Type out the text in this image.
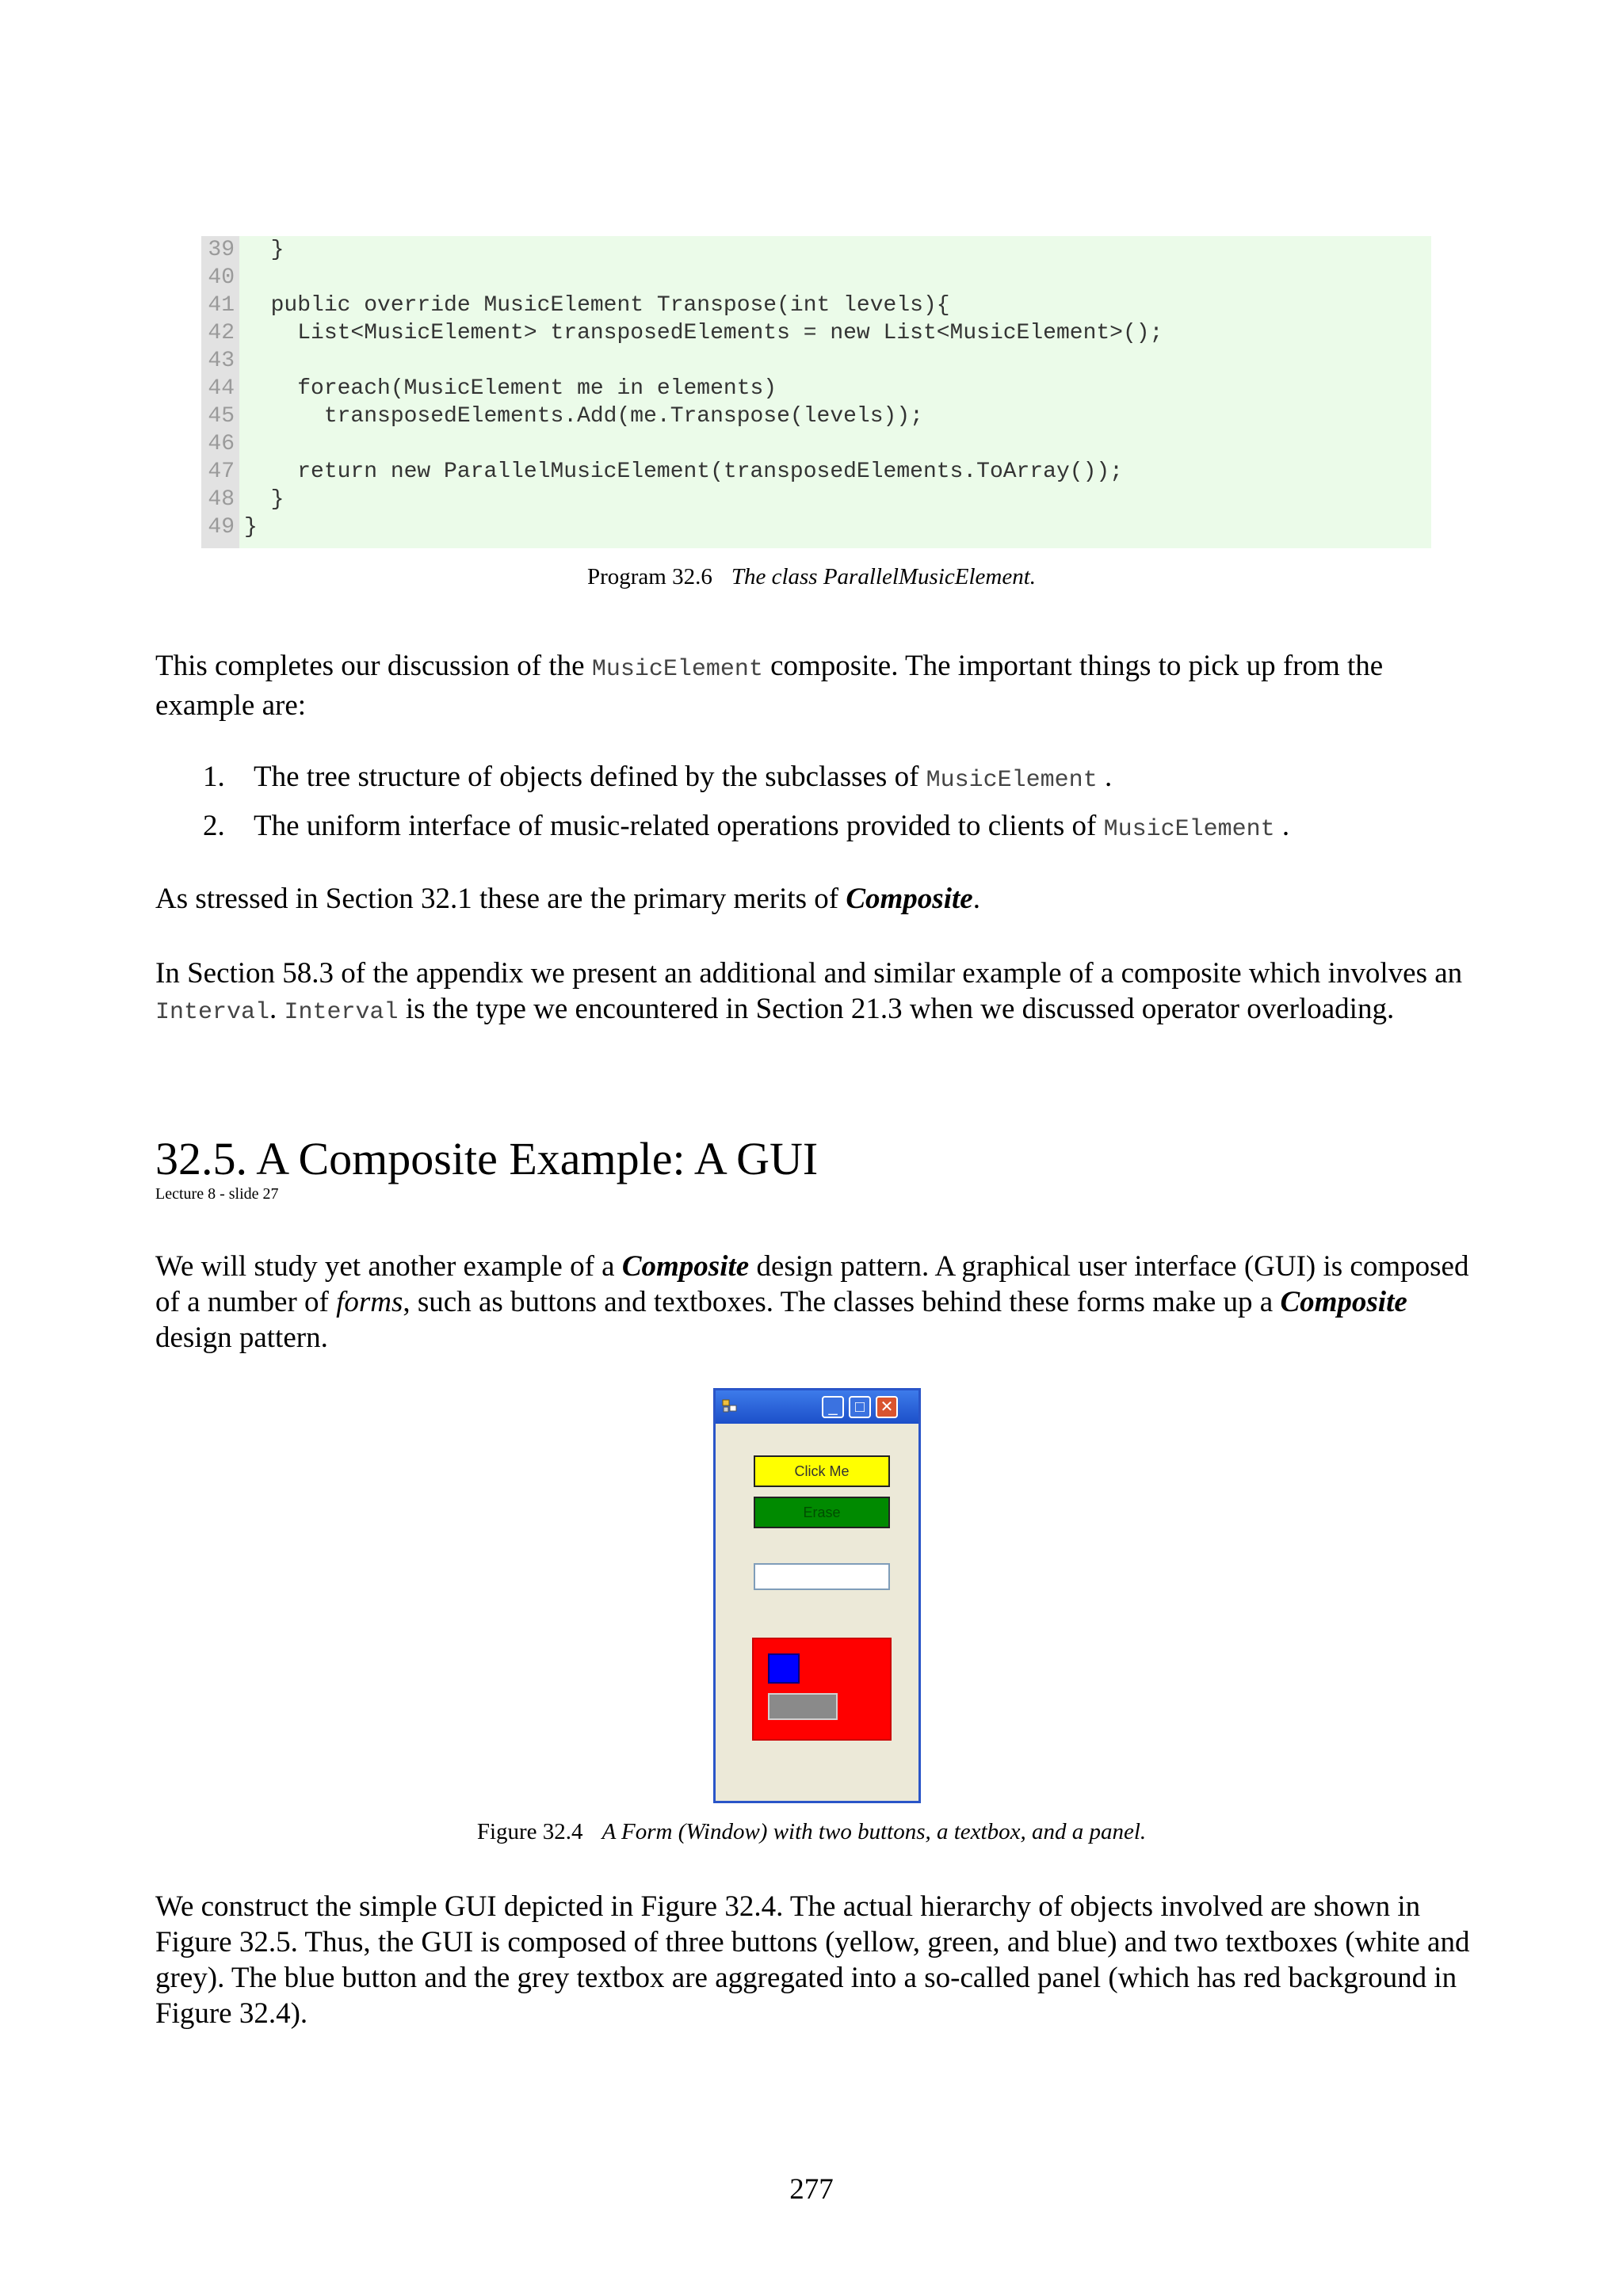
39
40
41
42
43
44
45
46
47
48
49
}
public override MusicElement Transpose(int levels){
List<MusicElement> transposedElements = new List<MusicElement>();
foreach(MusicElement me in elements)
transposedElements.Add(me.Transpose(levels));
return new ParallelMusicElement(transposedElements.ToArray());
}
}
Program 32.6 The class ParallelMusicElement.
This completes our discussion of the MusicElement composite. The important things to pick up from the example are:
1. The tree structure of objects defined by the subclasses of MusicElement .
2. The uniform interface of music-related operations provided to clients of MusicElement .
As stressed in Section 32.1 these are the primary merits of Composite.
In Section 58.3 of the appendix we present an additional and similar example of a composite which involves an Interval. Interval is the type we encountered in Section 21.3 when we discussed operator overloading.
32.5. A Composite Example: A GUI
Lecture 8 - slide 27
We will study yet another example of a Composite design pattern. A graphical user interface (GUI) is composed of a number of forms, such as buttons and textboxes. The classes behind these forms make up a Composite design pattern.
_	□ ✕
Click Me
Erase
Figure 32.4 A Form (Window) with two buttons, a textbox, and a panel.
We construct the simple GUI depicted in Figure 32.4. The actual hierarchy of objects involved are shown in Figure 32.5. Thus, the GUI is composed of three buttons (yellow, green, and blue) and two textboxes (white and grey). The blue button and the grey textbox are aggregated into a so-called panel (which has red background in Figure 32.4).
277
